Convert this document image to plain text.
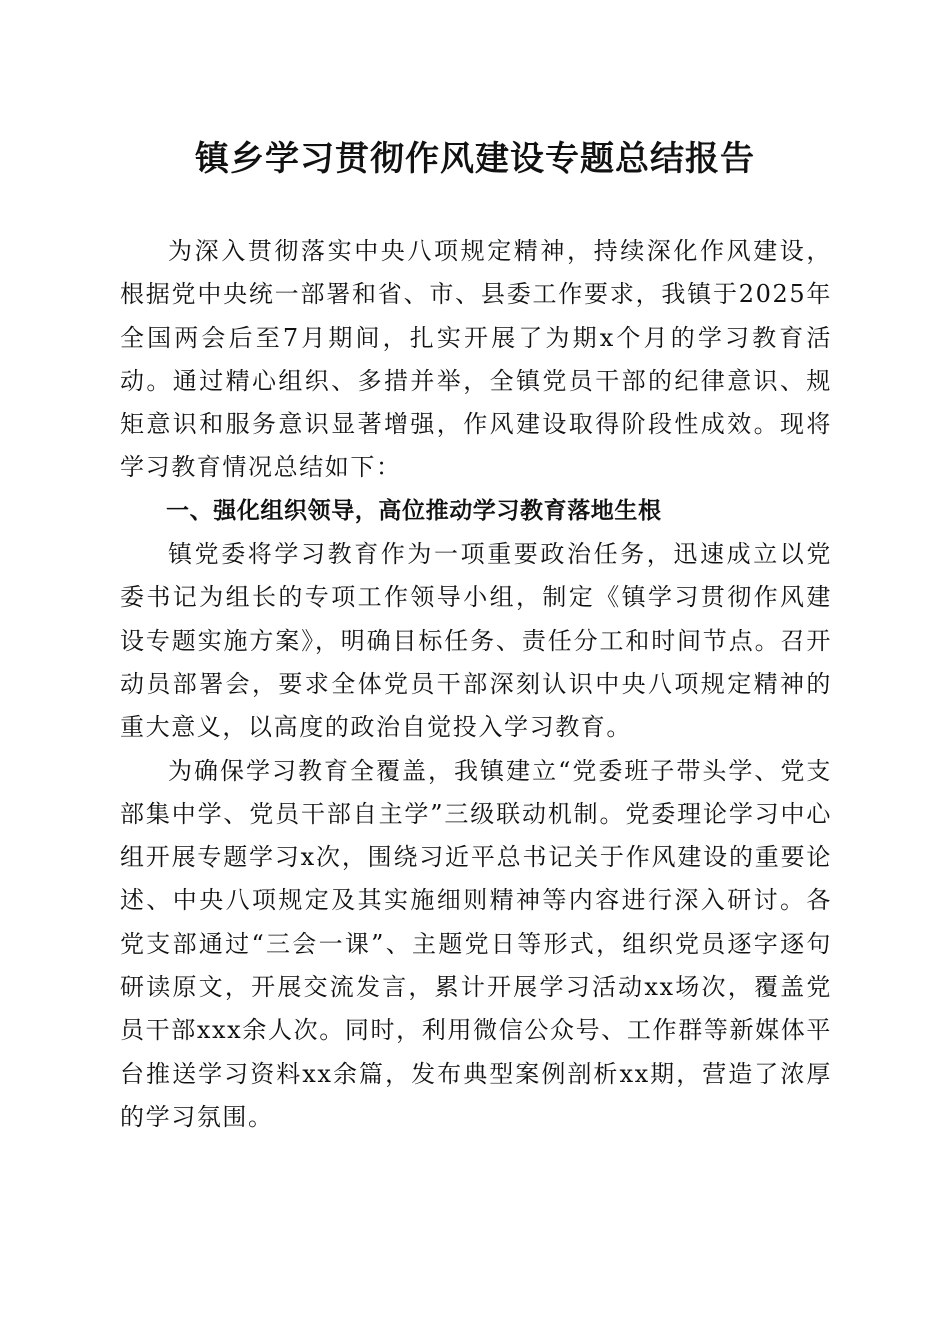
镇乡学习贯彻作风建设专题总结报告

为深入贯彻落实中央八项规定精神，持续深化作风建设，根据党中央统一部署和省、市、县委工作要求，我镇于2025年全国两会后至7月期间，扎实开展了为期x个月的学习教育活动。通过精心组织、多措并举，全镇党员干部的纪律意识、规矩意识和服务意识显著增强，作风建设取得阶段性成效。现将学习教育情况总结如下：

一、强化组织领导，高位推动学习教育落地生根

镇党委将学习教育作为一项重要政治任务，迅速成立以党委书记为组长的专项工作领导小组，制定《镇学习贯彻作风建设专题实施方案》，明确目标任务、责任分工和时间节点。召开动员部署会，要求全体党员干部深刻认识中央八项规定精神的重大意义，以高度的政治自觉投入学习教育。

为确保学习教育全覆盖，我镇建立“党委班子带头学、党支部集中学、党员干部自主学”三级联动机制。党委理论学习中心组开展专题学习x次，围绕习近平总书记关于作风建设的重要论述、中央八项规定及其实施细则精神等内容进行深入研讨。各党支部通过“三会一课”、主题党日等形式，组织党员逐字逐句研读原文，开展交流发言，累计开展学习活动xx场次，覆盖党员干部xxx余人次。同时，利用微信公众号、工作群等新媒体平台推送学习资料xx余篇，发布典型案例剖析xx期，营造了浓厚的学习氛围。
